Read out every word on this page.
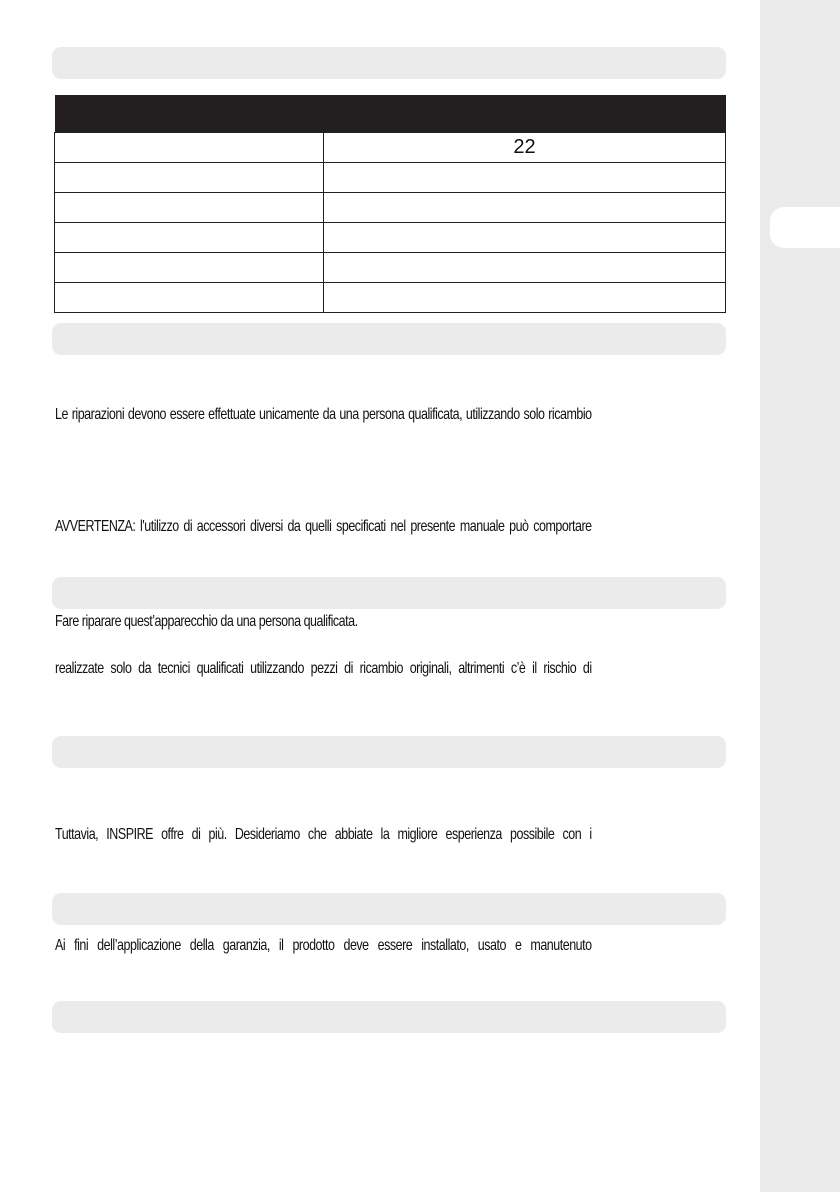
	22

Le riparazioni devono essere effettuate unicamente da una persona qualificata, utilizzando solo ricambio
AVVERTENZA: l'utilizzo di accessori diversi da quelli specificati nel presente manuale può comportare
Fare riparare quest’apparecchio da una persona qualificata.
realizzate solo da tecnici qualificati utilizzando pezzi di ricambio originali, altrimenti c’è il rischio di
Tuttavia, INSPIRE offre di più. Desideriamo che abbiate la migliore esperienza possibile con i
Ai fini dell’applicazione della garanzia, il prodotto deve essere installato, usato e manutenuto
